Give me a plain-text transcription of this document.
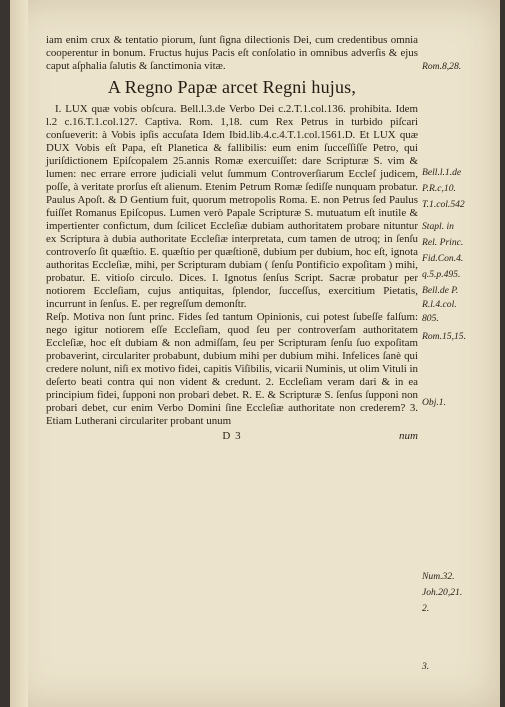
iam enim crux & tentatio piorum, ſunt ſigna dilectionis Dei, cum credentibus omnia cooperentur in bonum. Fructus hujus Pacis eſt conſolatio in omnibus adverſis & ejus caput aſphalia ſalutis & ſanctimonia vitæ.

A Regno Papæ arcet Regni hujus,

I. LUX quæ vobis obſcura. Bell.l.3.de Verbo Dei c.2.T.1.col.136. prohibita. Idem l.2 c.16.T.1.col.127. Captiva. Rom. 1,18. cum Rex Petrus in turbido piſcari conſueverit: à Vobis ipſis accuſata Idem Ibid.lib.4.c.4.T.1.col.1561.D. Et LUX quæ DUX Vobis eſt Papa, eſt Planetica & fallibilis: eum enim ſucceſſiſſe Petro, qui juriſdictionem Epiſcopalem 25.annis Romæ exercuiſſet: dare Scripturæ S. vim & lumen: nec errare errore judiciali velut ſummum Controverſiarum Eccleſ judicem, poſſe, à veritate prorſus eſt alienum. Etenim Petrum Romæ ſediſſe nunquam probatur. Paulus Apoſt. & D Gentium fuit, quorum metropolis Roma. E. non Petrus ſed Paulus fuiſſet Romanus Epiſcopus. Lumen verò Papale Scripturæ S. mutuatum eſt inutile & impertienter confictum, dum ſcilicet Eccleſiæ dubiam authoritatem probare nituntur ex Scriptura à dubia authoritate Eccleſiæ interpretata, cum tamen de utroq; in ſenſu controverſo ſit quæſtio. E. quæſtio per quæſtionē, dubium per dubium, hoc eſt, ignota authoritas Eccleſiæ, mihi, per Scripturam dubiam ( ſenſu Pontificio expoſitam ) mihi, probatur. E. vitioſo circulo. Dices. I. Ignotus ſenſus Script. Sacræ probatur per notiorem Eccleſiam, cujus antiquitas, ſplendor, ſucceſſus, exercitium Pietatis, incurrunt in ſenſus. E. per regreſſum demonſtr.

Reſp. Motiva non ſunt princ. Fides ſed tantum Opinionis, cui potest ſubeſſe falſum: nego igitur notiorem eſſe Eccleſiam, quod ſeu per controverſam authoritatem Eccleſiæ, hoc eſt dubiam & non admiſſam, ſeu per Scripturam ſenſu ſuo expoſitam probaverint, circulariter probabunt, dubium mihi per dubium mihi. Infelices ſanè qui credere nolunt, niſi ex motivo fidei, capitis Viſibilis, vicarii Numinis, ut olim Vituli in deſerto beati contra qui non vident & credunt. 2. Eccleſiam veram dari & in ea principium fidei, ſupponi non probari debet. R. E. & Scripturæ S. ſenſus ſupponi non probari debet, cur enim Verbo Domini ſine Eccleſiæ authoritate non crederem? 3. Etiam Lutherani circulariter probant unum

D 3	num
Rom.8,28.
Bell.l.1.de
P.R.c,10.
T.1.col.542
Stapl. in
Rel. Princ.
Fid.Con.4.
q.5.p.495.
Bell.de P.
R.l.4.col.
805.
Rom.15,15.
Obj.1.
Num.32.
Joh.20,21.
2.
3.
